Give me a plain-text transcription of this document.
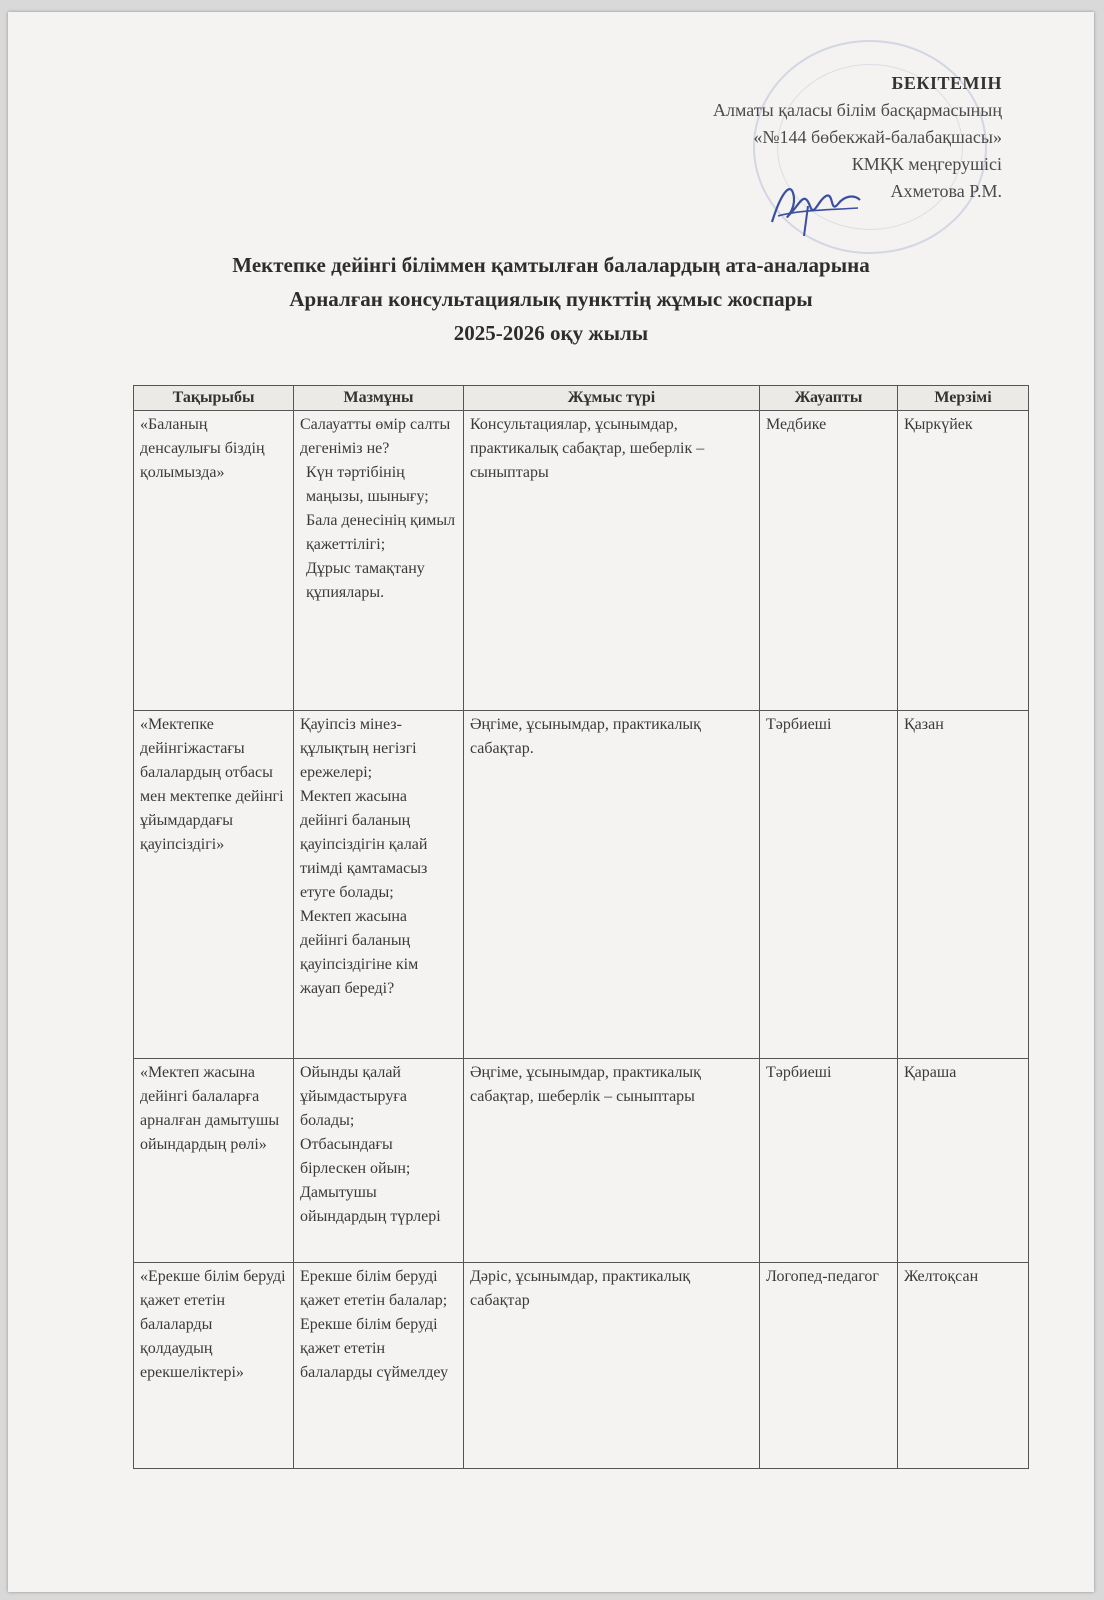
БЕКІТЕМІН
Алматы қаласы білім басқармасының
«№144 бөбекжай-балабақшасы»
КМҚК меңгерушісі
Ахметова Р.М.
Мектепке дейінгі біліммен қамтылған балалардың ата-аналарына
Арналған консультациялық пункттің жұмыс жоспары
2025-2026 оқу жылы
Тақырыбы	Мазмұны	Жұмыс түрі	Жауапты	Мерзімі
«Баланың денсаулығы біздің қолымызда»	Салауатты өмір салты дегеніміз не?
Күн тәртібінің маңызы, шынығу;
Бала денесінің қимыл қажеттілігі;
Дұрыс тамақтану құпиялары.	Консультациялар, ұсынымдар, практикалық сабақтар, шеберлік – сыныптары	Медбике	Қыркүйек
«Мектепке дейінгіжастағы балалардың отбасы мен мектепке дейінгі ұйымдардағы қауіпсіздігі»	Қауіпсіз мінез-құлықтың негізгі ережелері;
Мектеп жасына дейінгі баланың қауіпсіздігін қалай тиімді қамтамасыз етуге болады;
Мектеп жасына дейінгі баланың қауіпсіздігіне кім жауап береді?	Әңгіме, ұсынымдар, практикалық сабақтар.	Тәрбиеші	Қазан
«Мектеп жасына дейінгі балаларға арналған дамытушы ойындардың рөлі»	Ойынды қалай ұйымдастыруға болады;
Отбасындағы бірлескен ойын;
Дамытушы ойындардың түрлері	Әңгіме, ұсынымдар, практикалық сабақтар, шеберлік – сыныптары	Тәрбиеші	Қараша
«Ерекше білім беруді қажет ететін балаларды қолдаудың ерекшеліктері»	Ерекше білім беруді қажет ететін балалар;
Ерекше білім беруді қажет ететін балаларды сүймелдеу	Дәріс, ұсынымдар, практикалық сабақтар	Логопед-педагог	Желтоқсан
